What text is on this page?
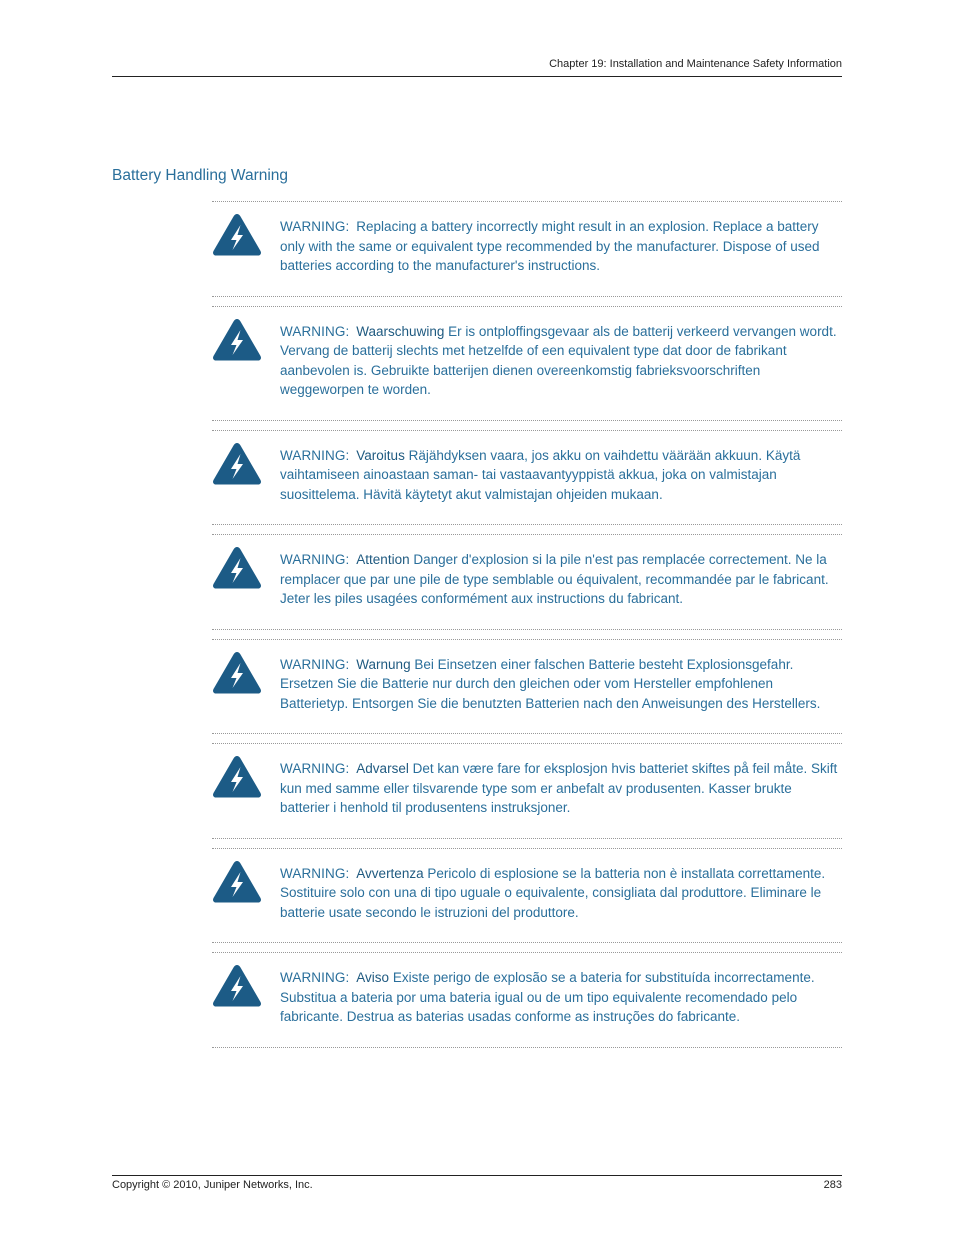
Chapter 19: Installation and Maintenance Safety Information
Battery Handling Warning
WARNING: Replacing a battery incorrectly might result in an explosion. Replace a battery only with the same or equivalent type recommended by the manufacturer. Dispose of used batteries according to the manufacturer's instructions.
WARNING: Waarschuwing Er is ontploffingsgevaar als de batterij verkeerd vervangen wordt. Vervang de batterij slechts met hetzelfde of een equivalent type dat door de fabrikant aanbevolen is. Gebruikte batterijen dienen overeenkomstig fabrieksvoorschriften weggeworpen te worden.
WARNING: Varoitus Räjähdyksen vaara, jos akku on vaihdettu väärään akkuun. Käytä vaihtamiseen ainoastaan saman- tai vastaavantyyppistä akkua, joka on valmistajan suosittelema. Hävitä käytetyt akut valmistajan ohjeiden mukaan.
WARNING: Attention Danger d'explosion si la pile n'est pas remplacée correctement. Ne la remplacer que par une pile de type semblable ou équivalent, recommandée par le fabricant. Jeter les piles usagées conformément aux instructions du fabricant.
WARNING: Warnung Bei Einsetzen einer falschen Batterie besteht Explosionsgefahr. Ersetzen Sie die Batterie nur durch den gleichen oder vom Hersteller empfohlenen Batterietyp. Entsorgen Sie die benutzten Batterien nach den Anweisungen des Herstellers.
WARNING: Advarsel Det kan være fare for eksplosjon hvis batteriet skiftes på feil måte. Skift kun med samme eller tilsvarende type som er anbefalt av produsenten. Kasser brukte batterier i henhold til produsentens instruksjoner.
WARNING: Avvertenza Pericolo di esplosione se la batteria non è installata correttamente. Sostituire solo con una di tipo uguale o equivalente, consigliata dal produttore. Eliminare le batterie usate secondo le istruzioni del produttore.
WARNING: Aviso Existe perigo de explosão se a bateria for substituída incorrectamente. Substitua a bateria por uma bateria igual ou de um tipo equivalente recomendado pelo fabricante. Destrua as baterias usadas conforme as instruções do fabricante.
Copyright © 2010, Juniper Networks, Inc.	283
